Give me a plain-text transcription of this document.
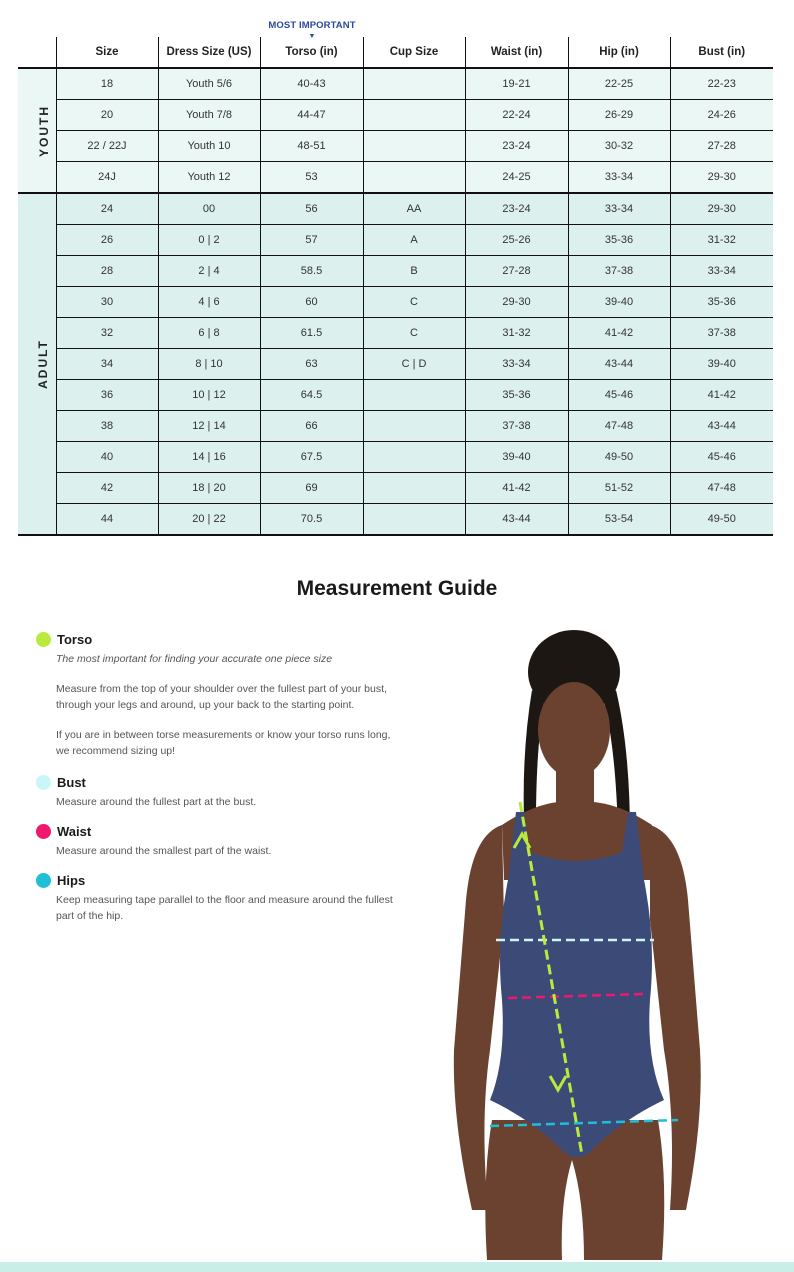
MOST IMPORTANT
▼
	Size	Dress Size (US)	Torso (in)	Cup Size	Waist (in)	Hip (in)	Bust (in)
YOUTH	18	Youth 5/6	40-43		19-21	22-25	22-23
	20	Youth 7/8	44-47		22-24	26-29	24-26
	22 / 22J	Youth 10	48-51		23-24	30-32	27-28
	24J	Youth 12	53		24-25	33-34	29-30
ADULT	24	00	56	AA	23-24	33-34	29-30
	26	0 | 2	57	A	25-26	35-36	31-32
	28	2 | 4	58.5	B	27-28	37-38	33-34
	30	4 | 6	60	C	29-30	39-40	35-36
	32	6 | 8	61.5	C	31-32	41-42	37-38
	34	8 | 10	63	C | D	33-34	43-44	39-40
	36	10 | 12	64.5		35-36	45-46	41-42
	38	12 | 14	66		37-38	47-48	43-44
	40	14 | 16	67.5		39-40	49-50	45-46
	42	18 | 20	69		41-42	51-52	47-48
	44	20 | 22	70.5		43-44	53-54	49-50
Measurement Guide
Torso
The most important for finding your accurate one piece size
Measure from the top of your shoulder over the fullest part of your bust, through your legs and around, up your back to the starting point.
If you are in between torse measurements or know your torso runs long, we recommend sizing up!
Bust
Measure around the fullest part at the bust.
Waist
Measure around the smallest part of the waist.
Hips
Keep measuring tape parallel to the floor and measure around the fullest part of the hip.
